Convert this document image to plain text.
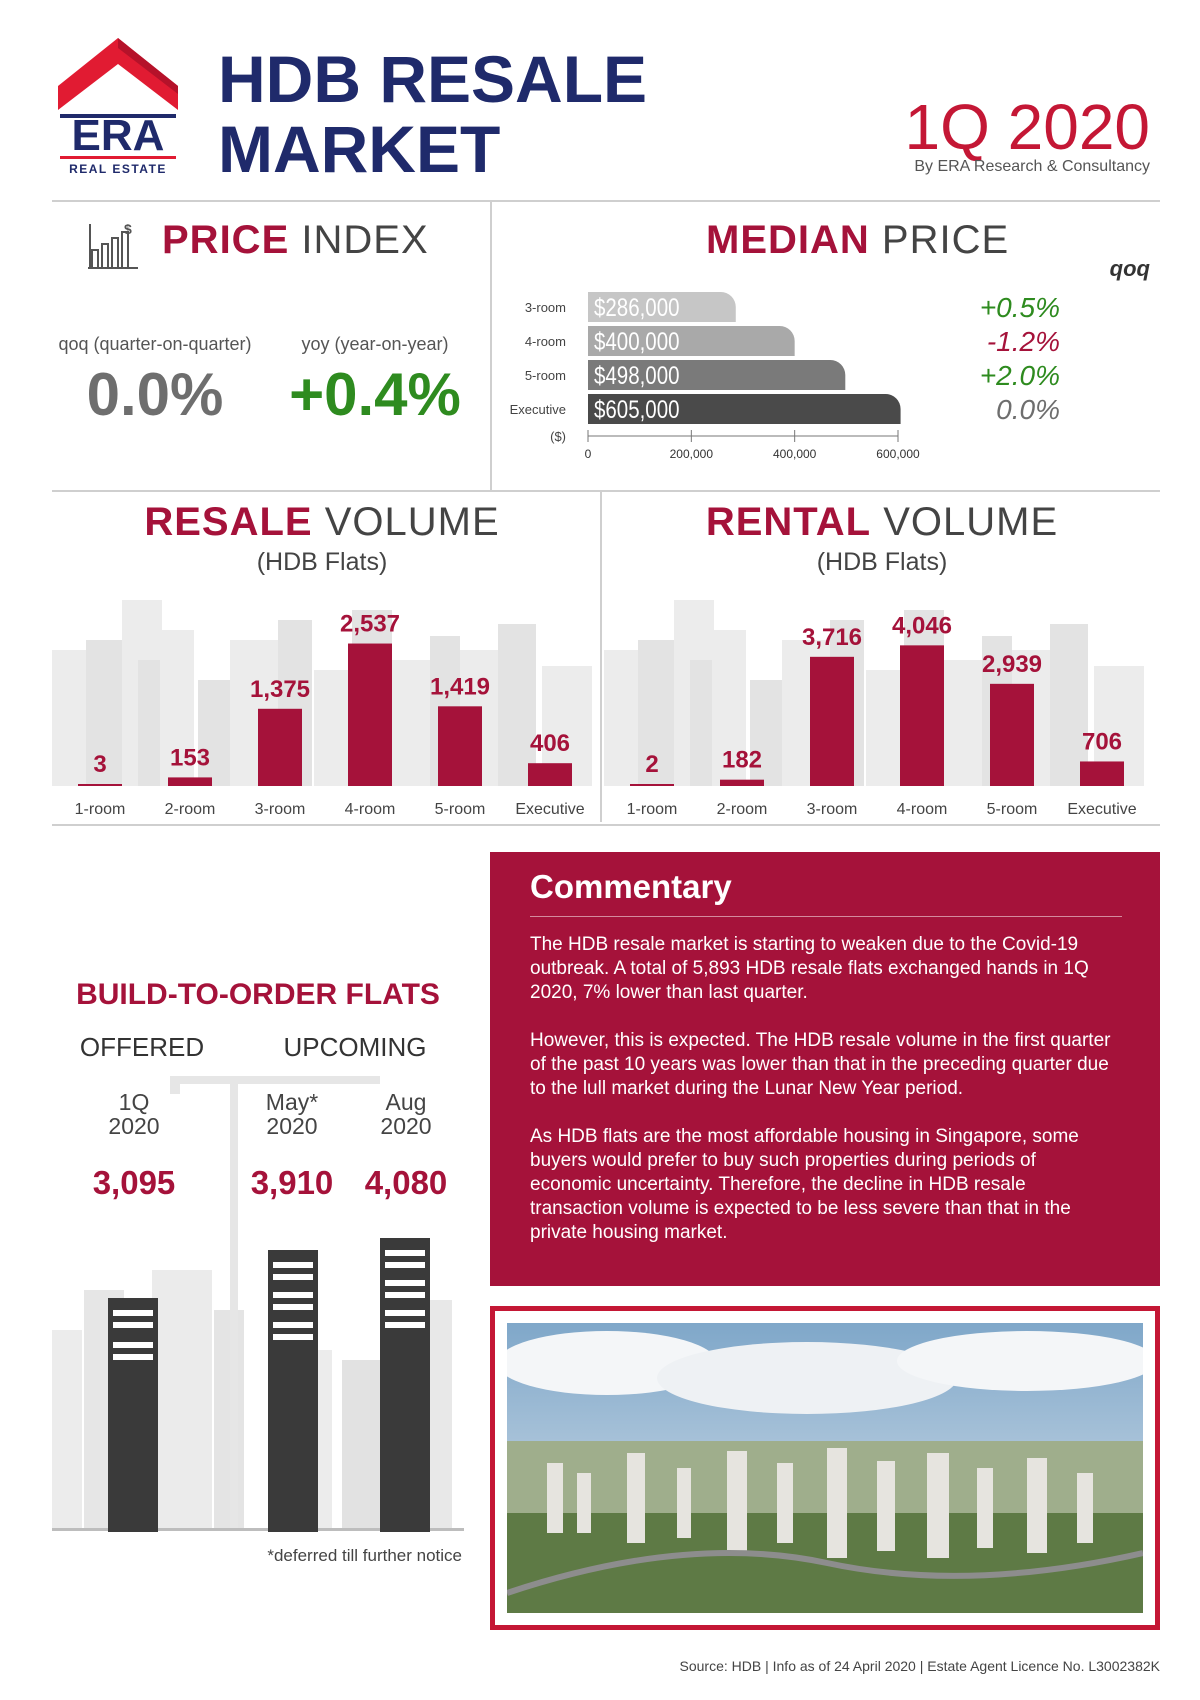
ERA
REAL ESTATE
HDB RESALE
MARKET	1Q 2020
By ERA Research & Consultancy
$ PRICE INDEX
qoq (quarter-on-quarter)
0.0%
yoy (year-on-year)
+0.4%
MEDIAN PRICE
qoq
3-room $286,000	+0.5%
4-room $400,000	-1.2%
5-room $498,000	+2.0%
Executive $605,000	0.0%
($)
0	200,000	400,000	600,000
RESALE VOLUME
(HDB Flats)
3
1-room
153
2-room
1,375
3-room
2,537
4-room
1,419
5-room
406
Executive
RENTAL VOLUME
(HDB Flats)
2
1-room
182
2-room
3,716
3-room
4,046
4-room
2,939
5-room
706
Executive
BUILD-TO-ORDER FLATS
OFFERED	UPCOMING
1Q
2020
3,095
May*
2020
3,910
Aug
2020
4,080
*deferred till further notice
Commentary

The HDB resale market is starting to weaken due to the Covid-19 outbreak. A total of 5,893 HDB resale flats exchanged hands in 1Q 2020, 7% lower than last quarter.

However, this is expected. The HDB resale volume in the first quarter of the past 10 years was lower than that in the preceding quarter due to the lull market during the Lunar New Year period.

As HDB flats are the most affordable housing in Singapore, some buyers would prefer to buy such properties during periods of economic uncertainty. Therefore, the decline in HDB resale transaction volume is expected to be less severe than that in the private housing market.

Source: HDB | Info as of 24 April 2020 | Estate Agent Licence No. L3002382K
